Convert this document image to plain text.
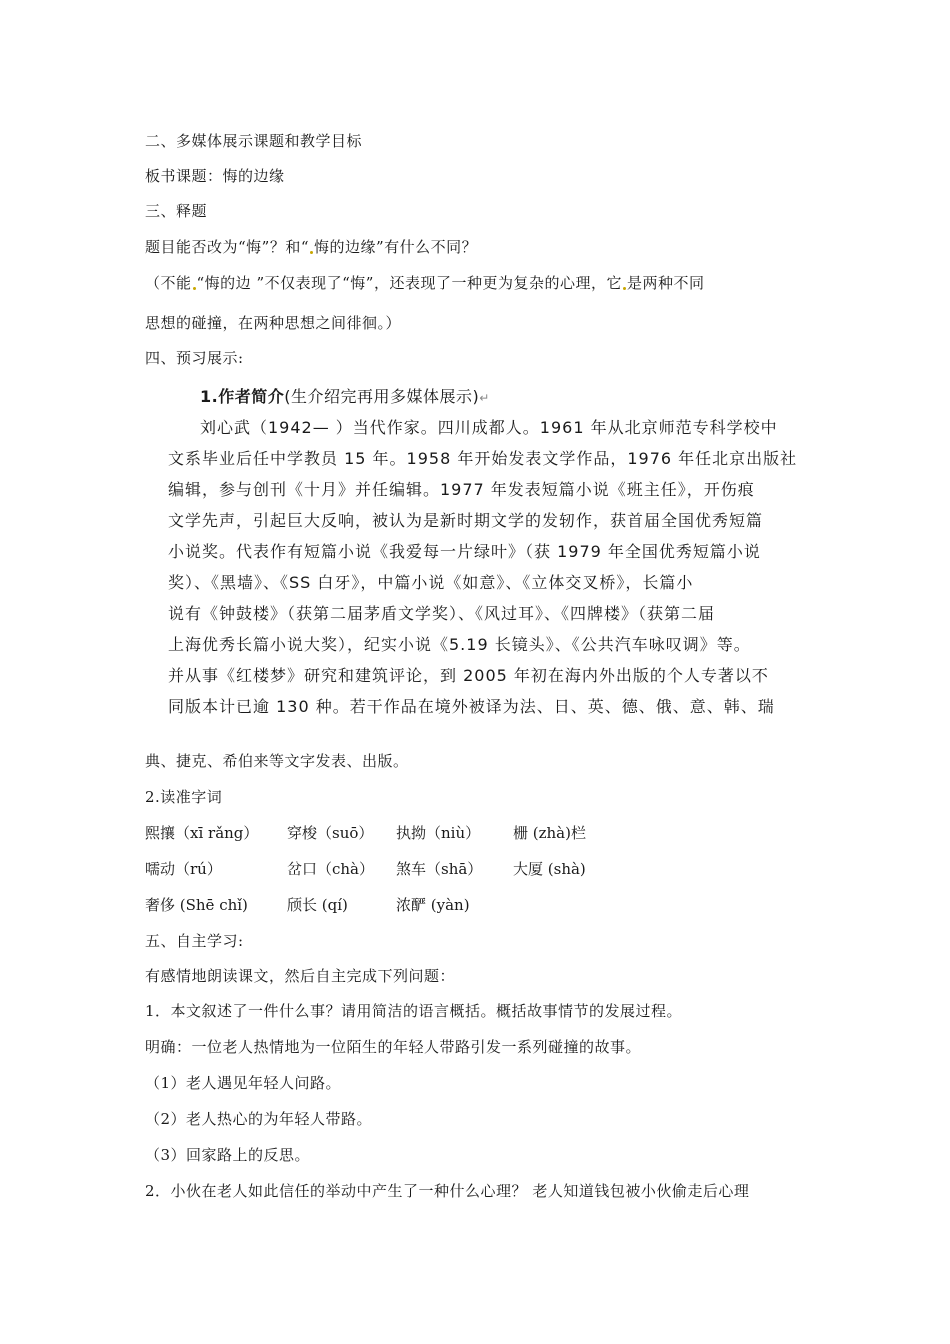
二、多媒体展示课题和教学目标
板书课题：悔的边缘
三、释题
题目能否改为“悔”？和“ 悔的边缘”有什么不同？
（不能 “悔的边 ”不仅表现了“悔”，还表现了一种更为复杂的心理，它 是两种不同
思想的碰撞，在两种思想之间徘徊。）
四、预习展示:
1.作者简介(生介绍完再用多媒体展示)↵
刘心武（1942— ）当代作家。四川成都人。1961 年从北京师范专科学校中
文系毕业后任中学教员 15 年。1958 年开始发表文学作品，1976 年任北京出版社
编辑，参与创刊《十月》并任编辑。1977 年发表短篇小说《班主任》，开伤痕
文学先声，引起巨大反响，被认为是新时期文学的发轫作，获首届全国优秀短篇
小说奖。代表作有短篇小说《我爱每一片绿叶》（获 1979 年全国优秀短篇小说
奖）、《黑墙》、《SS 白牙》，中篇小说《如意》、《立体交叉桥》，长篇小
说有《钟鼓楼》（获第二届茅盾文学奖）、《风过耳》、《四牌楼》（获第二届
上海优秀长篇小说大奖），纪实小说《5.19 长镜头》、《公共汽车咏叹调》等。
并从事《红楼梦》研究和建筑评论，到 2005 年初在海内外出版的个人专著以不
同版本计已逾 130 种。若干作品在境外被译为法、日、英、德、俄、意、韩、瑞
典、捷克、希伯来等文字发表、出版。
2.读准字词
熙攘（xī rǎng） 穿梭（suō） 执拗（niù） 栅 (zhà)栏
嚅动（rú）	岔口（chà） 煞车（shā） 大厦 (shà)
奢侈 (Shē chǐ)	颀长 (qí)	浓酽 (yàn)
五、自主学习:
有感情地朗读课文，然后自主完成下列问题：
1．本文叙述了一件什么事？请用简洁的语言概括。概括故事情节的发展过程。
明确：一位老人热情地为一位陌生的年轻人带路引发一系列碰撞的故事。
（1）老人遇见年轻人问路。
（2）老人热心的为年轻人带路。
（3）回家路上的反思。
2．小伙在老人如此信任的举动中产生了一种什么心理？ 老人知道钱包被小伙偷走后心理
